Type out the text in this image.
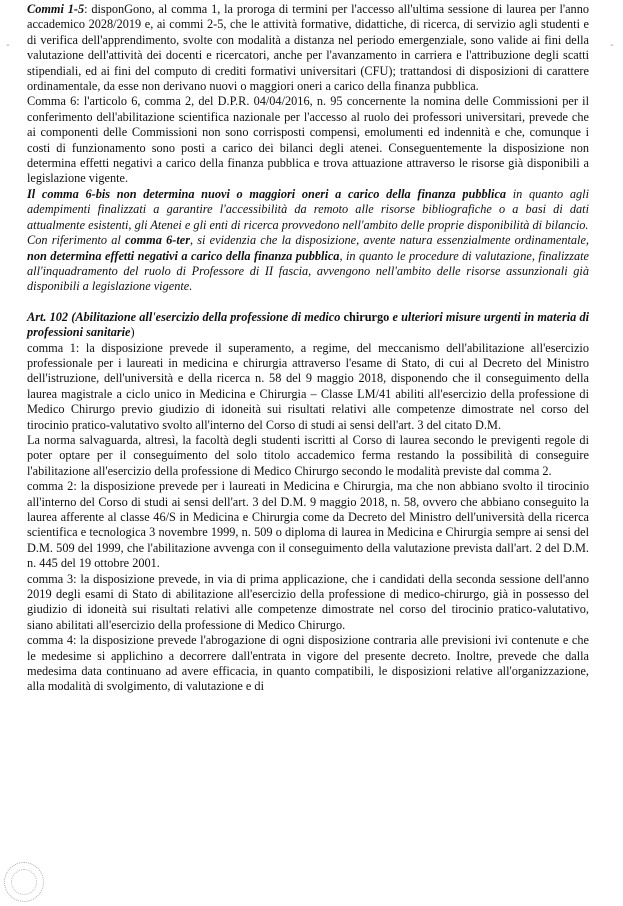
-	-

Commi 1-5: disponGono, al comma 1, la proroga di termini per l'accesso all'ultima sessione di laurea per l'anno accademico 2028/2019 e, ai commi 2-5, che le attività formative, didattiche, di ricerca, di servizio agli studenti e di verifica dell'apprendimento, svolte con modalità a distanza nel periodo emergenziale, sono valide ai fini della valutazione dell'attività dei docenti e ricercatori, anche per l'avanzamento in carriera e l'attribuzione degli scatti stipendiali, ed ai fini del computo di crediti formativi universitari (CFU); trattandosi di disposizioni di carattere ordinamentale, da esse non derivano nuovi o maggiori oneri a carico della finanza pubblica.

Comma 6: l'articolo 6, comma 2, del D.P.R. 04/04/2016, n. 95 concernente la nomina delle Commissioni per il conferimento dell'abilitazione scientifica nazionale per l'accesso al ruolo dei professori universitari, prevede che ai componenti delle Commissioni non sono corrisposti compensi, emolumenti ed indennità e che, comunque i costi di funzionamento sono posti a carico dei bilanci degli atenei. Conseguentemente la disposizione non determina effetti negativi a carico della finanza pubblica e trova attuazione attraverso le risorse già disponibili a legislazione vigente.

Il comma 6-bis non determina nuovi o maggiori oneri a carico della finanza pubblica in quanto agli adempimenti finalizzati a garantire l'accessibilità da remoto alle risorse bibliografiche o a basi di dati attualmente esistenti, gli Atenei e gli enti di ricerca provvedono nell'ambito delle proprie disponibilità di bilancio.

Con riferimento al comma 6-ter, si evidenzia che la disposizione, avente natura essenzialmente ordinamentale, non determina effetti negativi a carico della finanza pubblica, in quanto le procedure di valutazione, finalizzate all'inquadramento del ruolo di Professore di II fascia, avvengono nell'ambito delle risorse assunzionali già disponibili a legislazione vigente.

Art. 102 (Abilitazione all'esercizio della professione di medico chirurgo e ulteriori misure urgenti in materia di professioni sanitarie)

comma 1: la disposizione prevede il superamento, a regime, del meccanismo dell'abilitazione all'esercizio professionale per i laureati in medicina e chirurgia attraverso l'esame di Stato, di cui al Decreto del Ministro dell'istruzione, dell'università e della ricerca n. 58 del 9 maggio 2018, disponendo che il conseguimento della laurea magistrale a ciclo unico in Medicina e Chirurgia – Classe LM/41 abiliti all'esercizio della professione di Medico Chirurgo previo giudizio di idoneità sui risultati relativi alle competenze dimostrate nel corso del tirocinio pratico-valutativo svolto all'interno del Corso di studi ai sensi dell'art. 3 del citato D.M.

La norma salvaguarda, altresì, la facoltà degli studenti iscritti al Corso di laurea secondo le previgenti regole di poter optare per il conseguimento del solo titolo accademico ferma restando la possibilità di conseguire l'abilitazione all'esercizio della professione di Medico Chirurgo secondo le modalità previste dal comma 2.

comma 2: la disposizione prevede per i laureati in Medicina e Chirurgia, ma che non abbiano svolto il tirocinio all'interno del Corso di studi ai sensi dell'art. 3 del D.M. 9 maggio 2018, n. 58, ovvero che abbiano conseguito la laurea afferente al classe 46/S in Medicina e Chirurgia come da Decreto del Ministro dell'università della ricerca scientifica e tecnologica 3 novembre 1999, n. 509 o diploma di laurea in Medicina e Chirurgia sempre ai sensi del D.M. 509 del 1999, che l'abilitazione avvenga con il conseguimento della valutazione prevista dall'art. 2 del D.M. n. 445 del 19 ottobre 2001.

comma 3: la disposizione prevede, in via di prima applicazione, che i candidati della seconda sessione dell'anno 2019 degli esami di Stato di abilitazione all'esercizio della professione di medico-chirurgo, già in possesso del giudizio di idoneità sui risultati relativi alle competenze dimostrate nel corso del tirocinio pratico-valutativo, siano abilitati all'esercizio della professione di Medico Chirurgo.

comma 4: la disposizione prevede l'abrogazione di ogni disposizione contraria alle previsioni ivi contenute e che le medesime si applichino a decorrere dall'entrata in vigore del presente decreto. Inoltre, prevede che dalla medesima data continuano ad avere efficacia, in quanto compatibili, le disposizioni relative all'organizzazione, alla modalità di svolgimento, di valutazione e di
